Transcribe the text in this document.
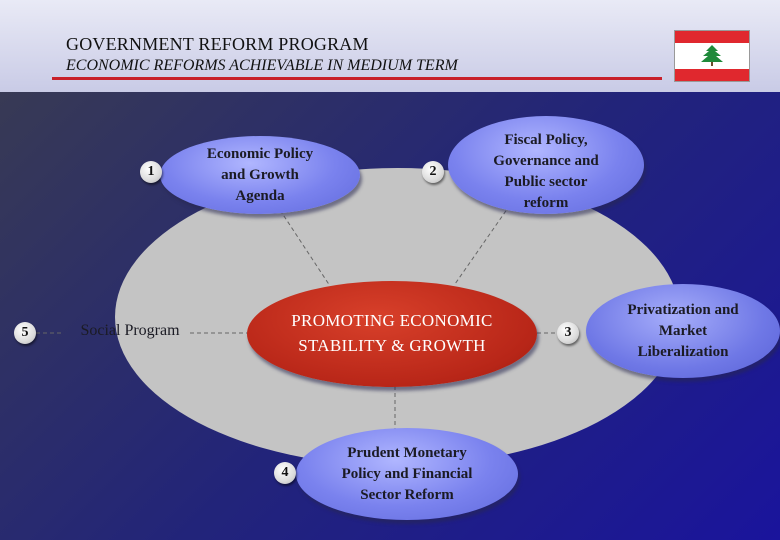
GOVERNMENT REFORM PROGRAM
ECONOMIC REFORMS ACHIEVABLE IN MEDIUM TERM
Economic Policy
and Growth
Agenda
1
Fiscal Policy,
Governance and
Public sector
reform
2
PROMOTING ECONOMIC
STABILITY & GROWTH
5	Social Program	3
Privatization and
Market
Liberalization
Prudent Monetary
Policy and Financial
Sector Reform
4
